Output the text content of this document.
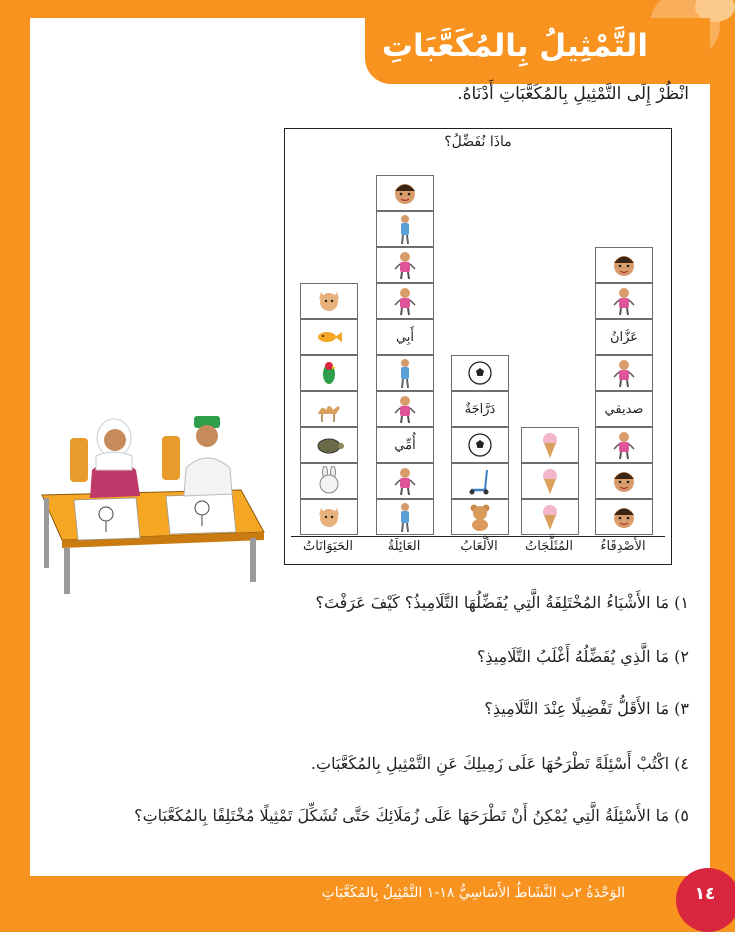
التَّمْثِيلُ بِالمُكَعَّبَاتِ
انْظُرْ إِلَى التَّمْثِيلِ بِالمُكَعَّبَاتِ أَدْنَاهُ.
ماذَا نُفَضِّلُ؟
صديقي
عَزَّانُ
دَرَّاجَةٌ
أُمِّي
أَبِي
الأَصْدِقَاءُ
المُثَلَّجَاتُ
الأَلْعَابُ
العَائِلَةُ
الحَيَوَانَاتُ
١) مَا الأَشْيَاءُ المُخْتَلِفَةُ الَّتِي يُفَضِّلُهَا التَّلَامِيذُ؟ كَيْفَ عَرَفْتَ؟
٢) مَا الَّذِي يُفَضِّلُهُ أَغْلَبُ التَّلَامِيذِ؟
٣) مَا الأَقَلُّ تَفْضِيلًا عِنْدَ التَّلَامِيذِ؟
٤) اكْتُبْ أَسْئِلَةً تَطْرَحُهَا عَلَى زَمِيلِكَ عَنِ التَّمْثِيلِ بِالمُكَعَّبَاتِ.
٥) مَا الأَسْئِلَةُ الَّتِي يُمْكِنُ أَنْ تَطْرَحَهَا عَلَى زُمَلَائِكَ حَتَّى تُشَكِّلَ تَمْثِيلًا مُخْتَلِفًا بِالمُكَعَّبَاتِ؟
الوَحْدَةُ ٢ب النَّشَاطُ الأَسَاسِيُّ ١٨-١ التَّمْثِيلُ بِالمُكَعَّبَاتِ	١٤
